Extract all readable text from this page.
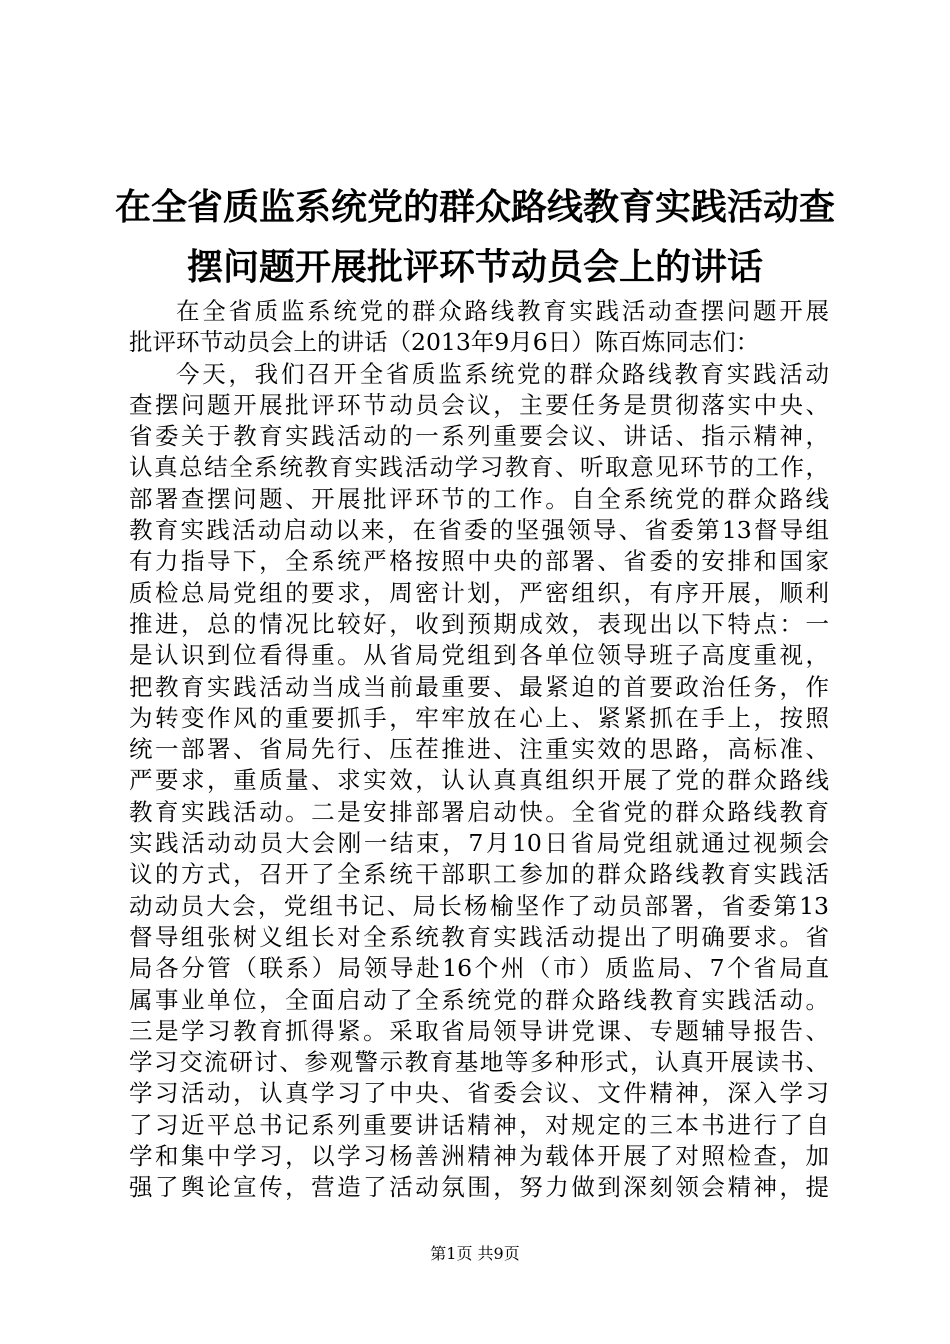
在全省质监系统党的群众路线教育实践活动查
摆问题开展批评环节动员会上的讲话
在全省质监系统党的群众路线教育实践活动查摆问题开展
批评环节动员会上的讲话（2013年9月6日）陈百炼同志们：
今天，我们召开全省质监系统党的群众路线教育实践活动
查摆问题开展批评环节动员会议，主要任务是贯彻落实中央、
省委关于教育实践活动的一系列重要会议、讲话、指示精神，
认真总结全系统教育实践活动学习教育、听取意见环节的工作，
部署查摆问题、开展批评环节的工作。自全系统党的群众路线
教育实践活动启动以来，在省委的坚强领导、省委第13督导组
有力指导下，全系统严格按照中央的部署、省委的安排和国家
质检总局党组的要求，周密计划，严密组织，有序开展，顺利
推进，总的情况比较好，收到预期成效，表现出以下特点：一
是认识到位看得重。从省局党组到各单位领导班子高度重视，
把教育实践活动当成当前最重要、最紧迫的首要政治任务，作
为转变作风的重要抓手，牢牢放在心上、紧紧抓在手上，按照
统一部署、省局先行、压茬推进、注重实效的思路，高标准、
严要求，重质量、求实效，认认真真组织开展了党的群众路线
教育实践活动。二是安排部署启动快。全省党的群众路线教育
实践活动动员大会刚一结束，7月10日省局党组就通过视频会
议的方式，召开了全系统干部职工参加的群众路线教育实践活
动动员大会，党组书记、局长杨榆坚作了动员部署，省委第13
督导组张树义组长对全系统教育实践活动提出了明确要求。省
局各分管（联系）局领导赴16个州（市）质监局、7个省局直
属事业单位，全面启动了全系统党的群众路线教育实践活动。
三是学习教育抓得紧。采取省局领导讲党课、专题辅导报告、
学习交流研讨、参观警示教育基地等多种形式，认真开展读书、
学习活动，认真学习了中央、省委会议、文件精神，深入学习
了习近平总书记系列重要讲话精神，对规定的三本书进行了自
学和集中学习，以学习杨善洲精神为载体开展了对照检查，加
强了舆论宣传，营造了活动氛围，努力做到深刻领会精神，提
第1页 共9页
